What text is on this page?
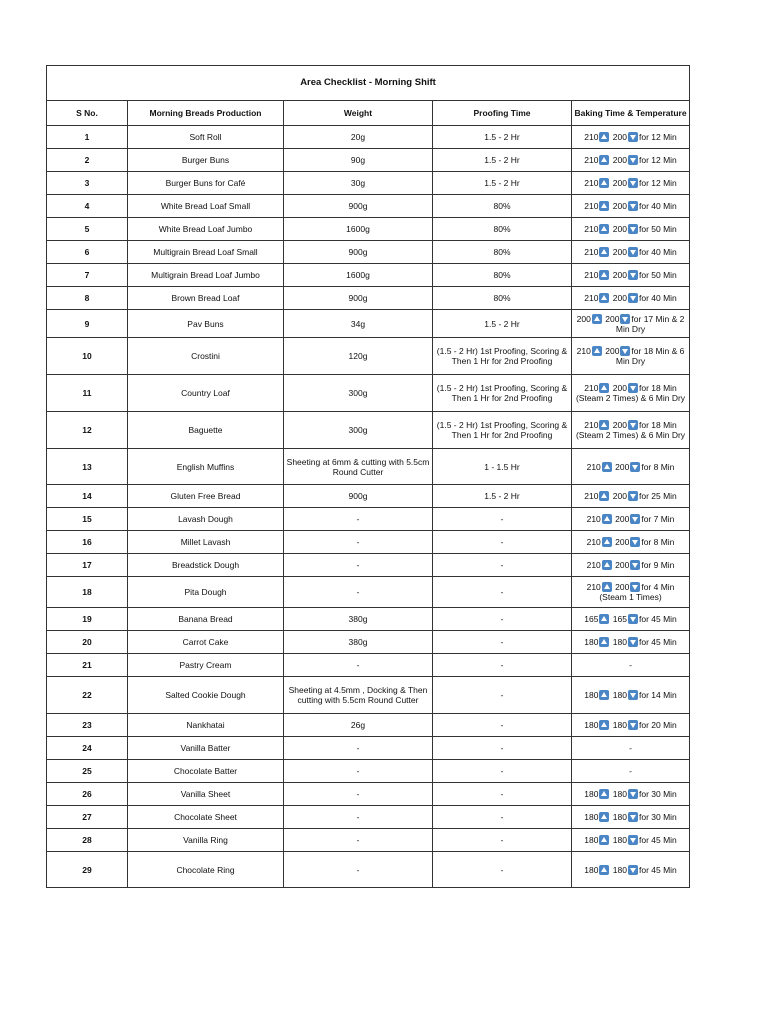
Area Checklist - Morning Shift				
S No.	Morning Breads Production	Weight	Proofing Time	Baking Time & Temperature
1	Soft Roll	20g	1.5 - 2 Hr	210 200 for 12 Min
2	Burger Buns	90g	1.5 - 2 Hr	210 200 for 12 Min
3	Burger Buns for Café	30g	1.5 - 2 Hr	210 200 for 12 Min
4	White Bread Loaf Small	900g	80%	210 200 for 40 Min
5	White Bread Loaf Jumbo	1600g	80%	210 200 for 50 Min
6	Multigrain Bread Loaf Small	900g	80%	210 200 for 40 Min
7	Multigrain Bread Loaf Jumbo	1600g	80%	210 200 for 50 Min
8	Brown Bread Loaf	900g	80%	210 200 for 40 Min
9	Pav Buns	34g	1.5 - 2 Hr	200 200 for 17 Min & 2 Min Dry
10	Crostini	120g	(1.5 - 2 Hr) 1st Proofing, Scoring & Then 1 Hr for 2nd Proofing	210 200 for 18 Min & 6 Min Dry
11	Country Loaf	300g	(1.5 - 2 Hr) 1st Proofing, Scoring & Then 1 Hr for 2nd Proofing	210 200 for 18 Min (Steam 2 Times) & 6 Min Dry
12	Baguette	300g	(1.5 - 2 Hr) 1st Proofing, Scoring & Then 1 Hr for 2nd Proofing	210 200 for 18 Min (Steam 2 Times) & 6 Min Dry
13	English Muffins	Sheeting at 6mm & cutting with 5.5cm Round Cutter	1 - 1.5 Hr	210 200 for 8 Min
14	Gluten Free Bread	900g	1.5 - 2 Hr	210 200 for 25 Min
15	Lavash Dough	-	-	210 200 for 7 Min
16	Millet Lavash	-	-	210 200 for 8 Min
17	Breadstick Dough	-	-	210 200 for 9 Min
18	Pita Dough	-	-	210 200 for 4 Min (Steam 1 Times)
19	Banana Bread	380g	-	165 165 for 45 Min
20	Carrot Cake	380g	-	180 180 for 45 Min
21	Pastry Cream	-	-	-
22	Salted Cookie Dough	Sheeting at 4.5mm , Docking & Then cutting with 5.5cm Round Cutter	-	180 180 for 14 Min
23	Nankhatai	26g	-	180 180 for 20 Min
24	Vanilla Batter	-	-	-
25	Chocolate Batter	-	-	-
26	Vanilla Sheet	-	-	180 180 for 30 Min
27	Chocolate Sheet	-	-	180 180 for 30 Min
28	Vanilla Ring	-	-	180 180 for 45 Min
29	Chocolate Ring	-	-	180 180 for 45 Min
